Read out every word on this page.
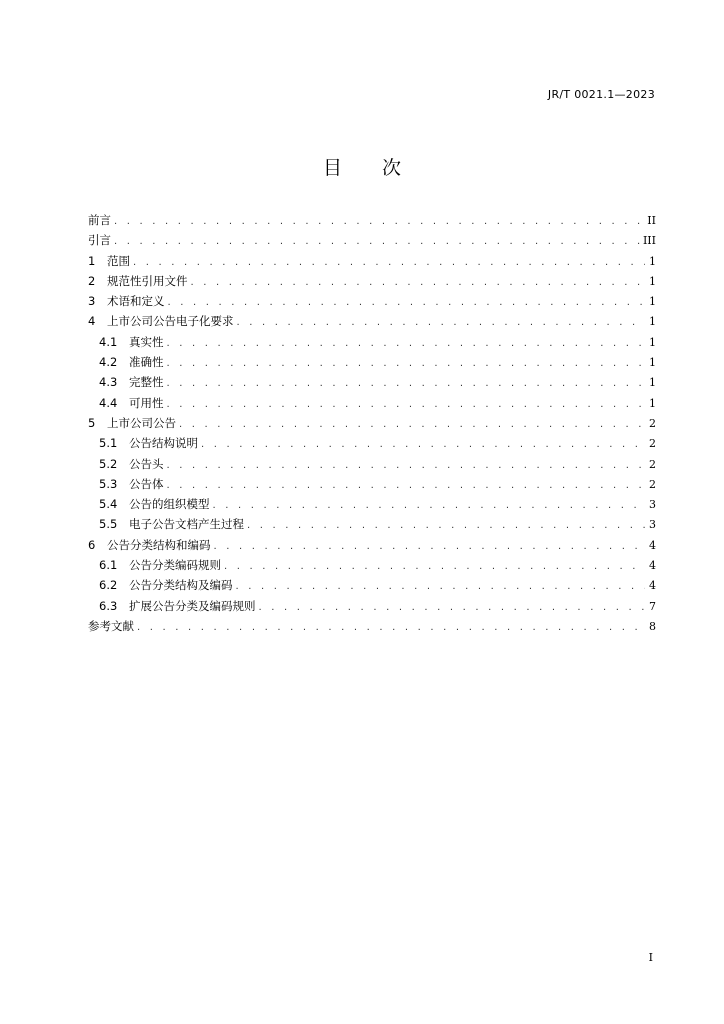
JR/T 0021.1—2023
目次
前言 . . .	II
引言 . . .	III
1	范围 . . .	1
2	规范性引用文件 . . .	1
3	术语和定义 . . .	1
4	上市公司公告电子化要求 . . .	1
4.1	真实性 . . .	1
4.2	准确性 . . .	1
4.3	完整性 . . .	1
4.4	可用性 . . .	1
5	上市公司公告 . . .	2
5.1	公告结构说明 . . .	2
5.2	公告头 . . .	2
5.3	公告体 . . .	2
5.4	公告的组织模型 . . .	3
5.5	电子公告文档产生过程 . . .	3
6	公告分类结构和编码 . . .	4
6.1	公告分类编码规则 . . .	4
6.2	公告分类结构及编码 . . .	4
6.3	扩展公告分类及编码规则 . . .	7
参考文献 . . .	8
I
